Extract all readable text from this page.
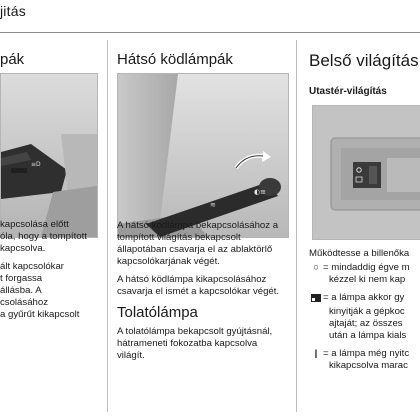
jitás
pák
≡D

kapcsolása előtt
óla, hogy a tompított
kapcsolva.

ált kapcsolókar
t forgassa
állásba. A
csolásához
a gyűrűt kikapcsolt

Hátsó ködlámpák
◐≡
≋

A hátsó ködlámpa bekapcsolásához a tompított világítás bekapcsolt állapotában csavarja el az ablaktörlő kapcsolókarjának végét.

A hátsó ködlámpa kikapcsolásához csavarja el ismét a kapcsolókar végét.

Tolatólámpa

A tolatólámpa bekapcsolt gyújtásnál, hátrameneti fokozatba kapcsolva világít.

Belső világítás
Utastér-világítás

Működtesse a billenőka

○ = mindaddig égve m
kézzel ki nem kap
= a lámpa akkor gy
kinyitják a gépkoc
ajtaját; az összes
után a lámpa kials
| = a lámpa még nyitc
kikapcsolva marac
